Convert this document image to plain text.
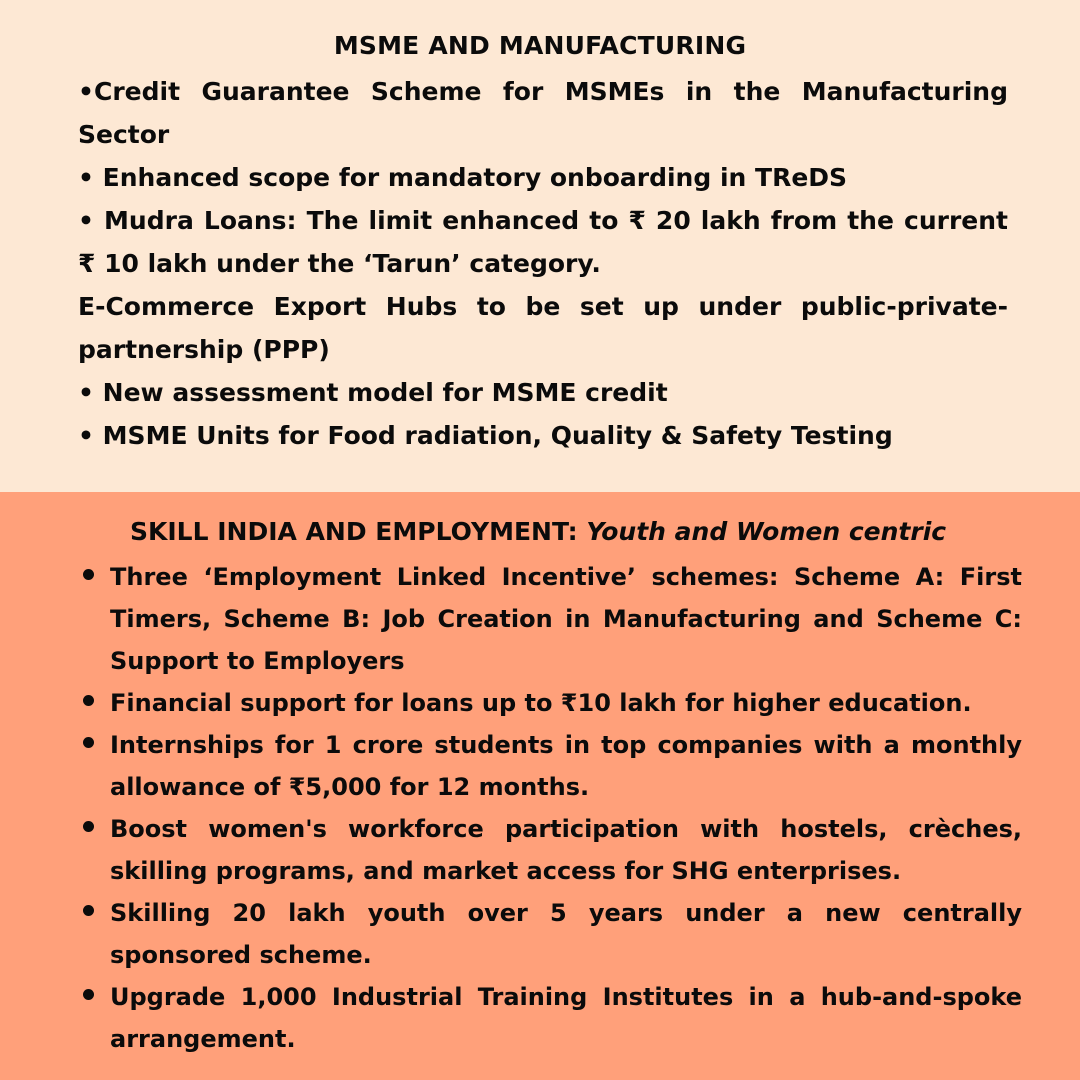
MSME AND MANUFACTURING
•Credit Guarantee Scheme for MSMEs in the Manufacturing
Sector
• Enhanced scope for mandatory onboarding in TReDS
• Mudra Loans: The limit enhanced to ₹ 20 lakh from the current
₹ 10 lakh under the ‘Tarun’ category.
E-Commerce Export Hubs to be set up under public-private-
partnership (PPP)
• New assessment model for MSME credit
• MSME Units for Food radiation, Quality & Safety Testing
SKILL INDIA AND EMPLOYMENT: Youth and Women centric
Three ‘Employment Linked Incentive’ schemes: Scheme A: First Timers, Scheme B: Job Creation in Manufacturing and Scheme C: Support to Employers
Financial support for loans up to ₹10 lakh for higher education.
Internships for 1 crore students in top companies with a monthly allowance of ₹5,000 for 12 months.
Boost women's workforce participation with hostels, crèches, skilling programs, and market access for SHG enterprises.
Skilling 20 lakh youth over 5 years under a new centrally sponsored scheme.
Upgrade 1,000 Industrial Training Institutes in a hub-and-spoke arrangement.
